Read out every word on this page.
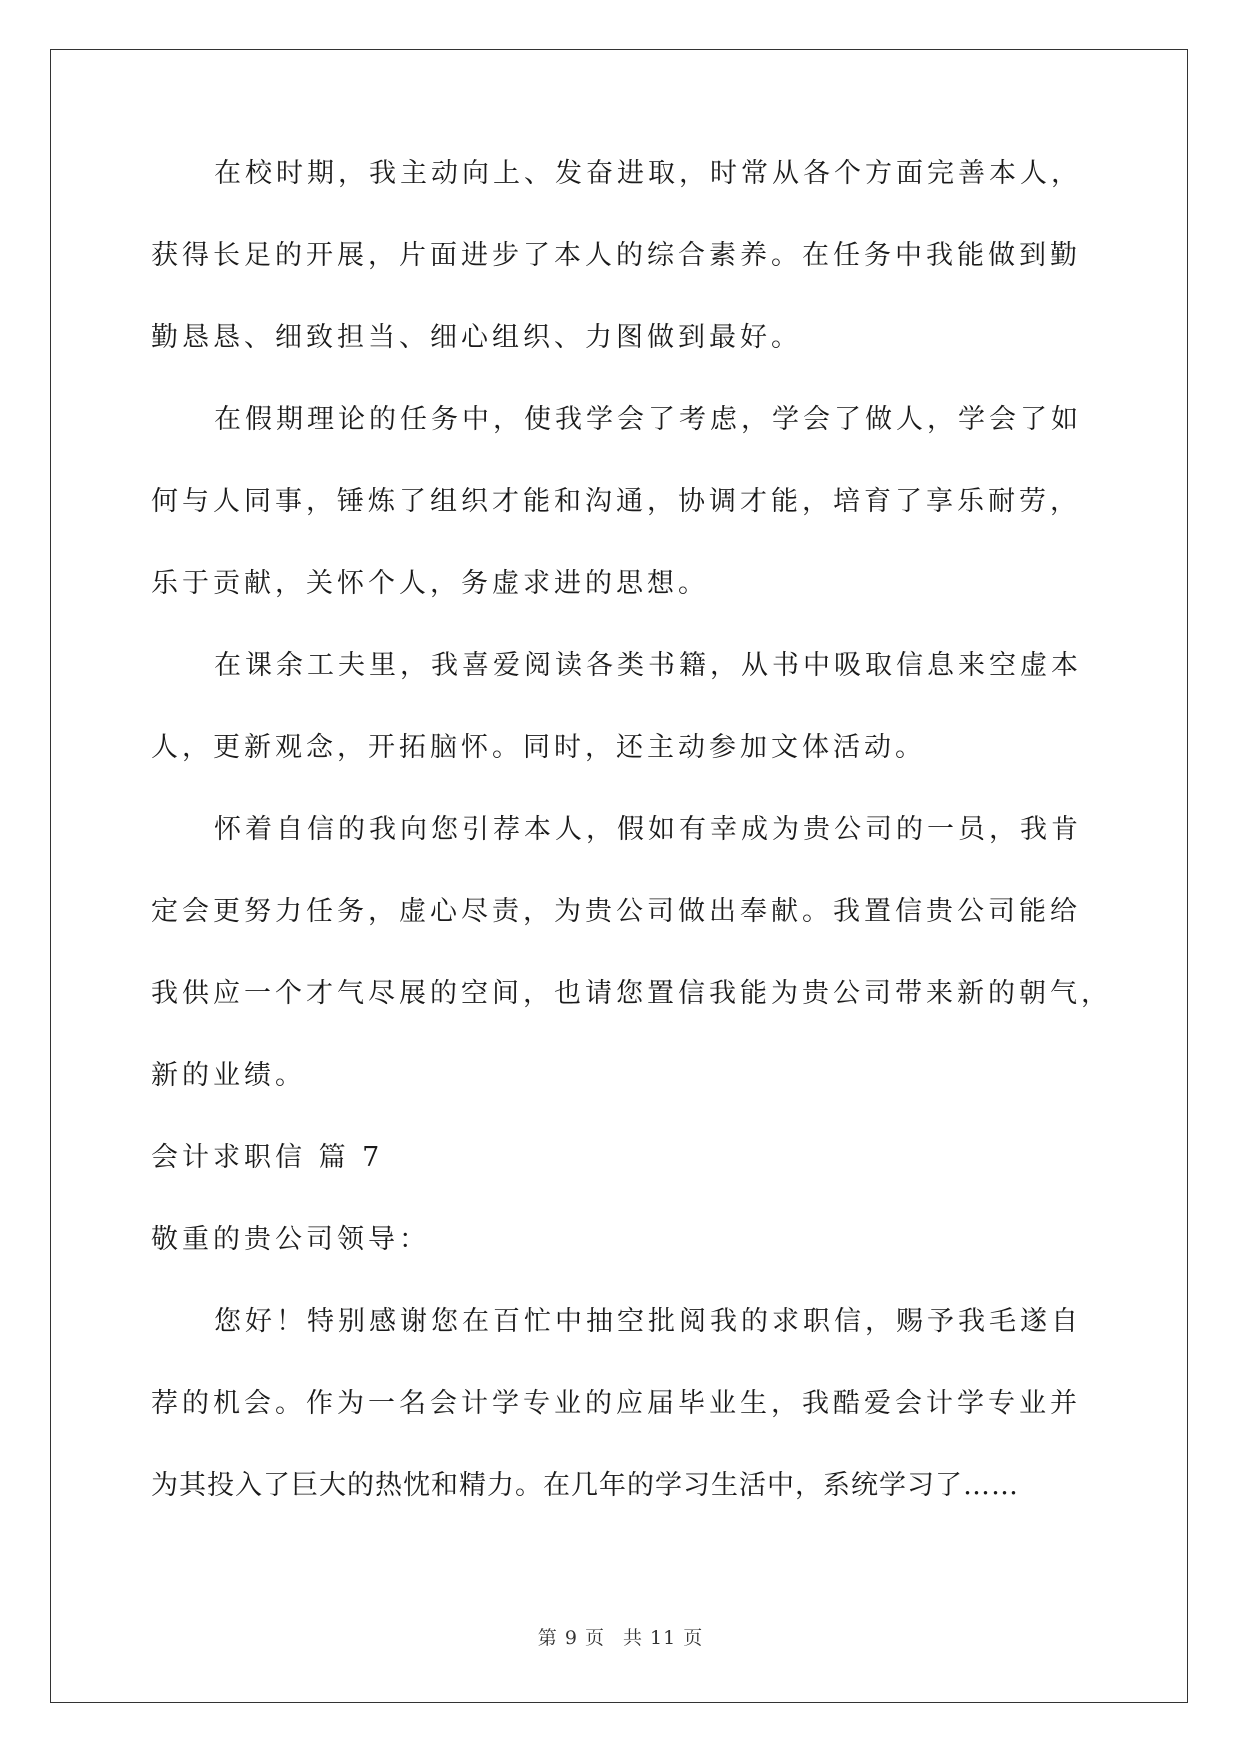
在校时期，我主动向上、发奋进取，时常从各个方面完善本人，
获得长足的开展，片面进步了本人的综合素养。在任务中我能做到勤
勤恳恳、细致担当、细心组织、力图做到最好。
在假期理论的任务中，使我学会了考虑，学会了做人，学会了如
何与人同事，锤炼了组织才能和沟通，协调才能，培育了享乐耐劳，
乐于贡献，关怀个人，务虚求进的思想。
在课余工夫里，我喜爱阅读各类书籍，从书中吸取信息来空虚本
人，更新观念，开拓脑怀。同时，还主动参加文体活动。
怀着自信的我向您引荐本人，假如有幸成为贵公司的一员，我肯
定会更努力任务，虚心尽责，为贵公司做出奉献。我置信贵公司能给
我供应一个才气尽展的空间，也请您置信我能为贵公司带来新的朝气，
新的业绩。
会计求职信 篇 7
敬重的贵公司领导：
您好！特别感谢您在百忙中抽空批阅我的求职信，赐予我毛遂自
荐的机会。作为一名会计学专业的应届毕业生，我酷爱会计学专业并
为其投入了巨大的热忱和精力。在几年的学习生活中，系统学习了……
第 9 页 共 11 页
